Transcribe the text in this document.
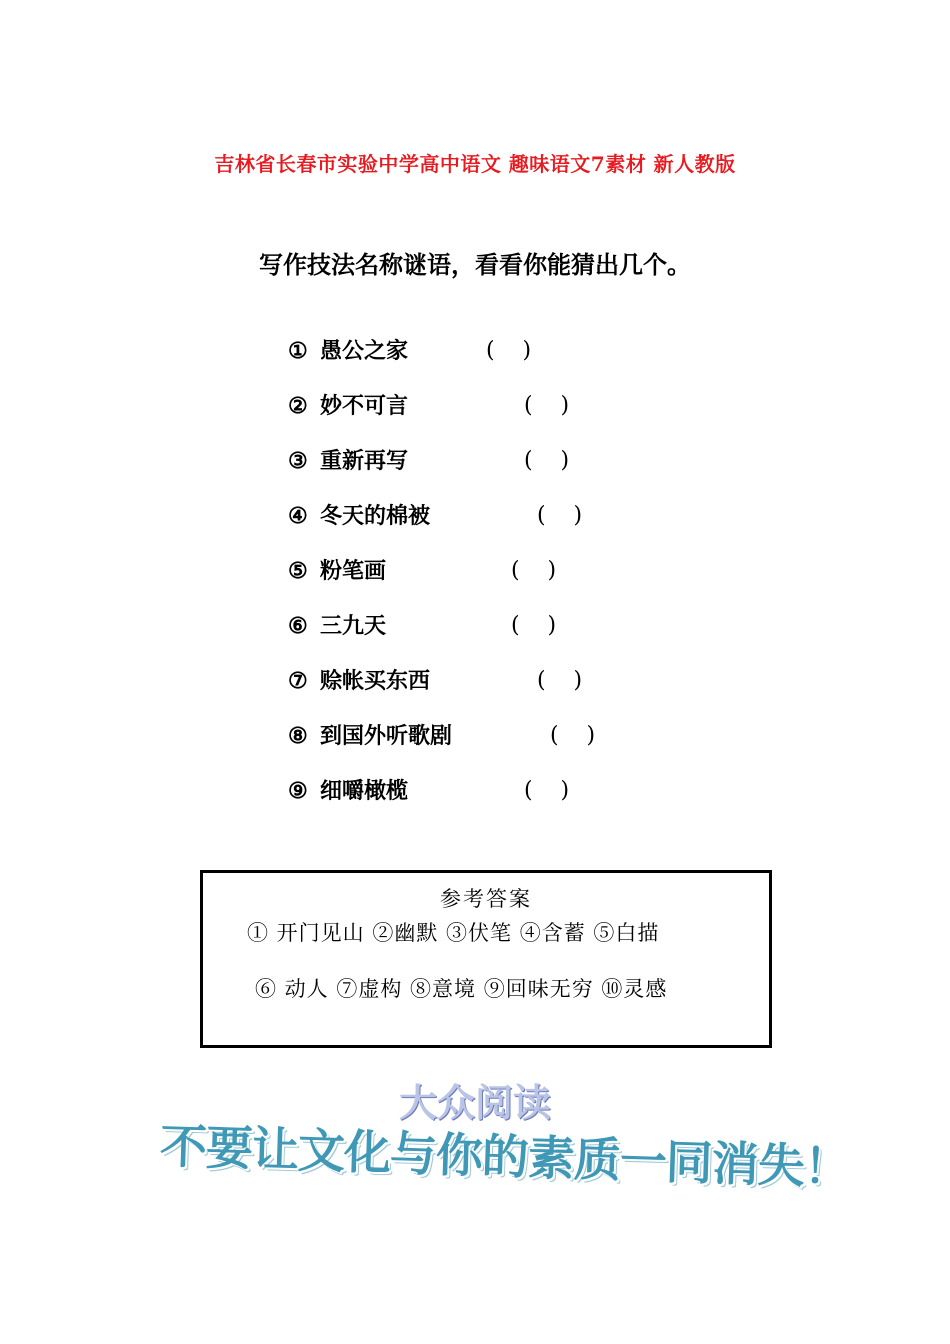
吉林省长春市实验中学高中语文 趣味语文7素材 新人教版
写作技法名称谜语，看看你能猜出几个。
① 愚公之家	(    )
② 妙不可言	(    )
③ 重新再写	(    )
④ 冬天的棉被	(    )
⑤ 粉笔画	(    )
⑥ 三九天	(    )
⑦ 赊帐买东西	(    )
⑧ 到国外听歌剧	(    )
⑨ 细嚼橄榄	(    )
参考答案
① 开门见山 ②幽默 ③伏笔 ④含蓄 ⑤白描
⑥ 动人 ⑦虚构 ⑧意境 ⑨回味无穷 ⑩灵感
大众阅读
不要让文化与你的素质一同消失！
